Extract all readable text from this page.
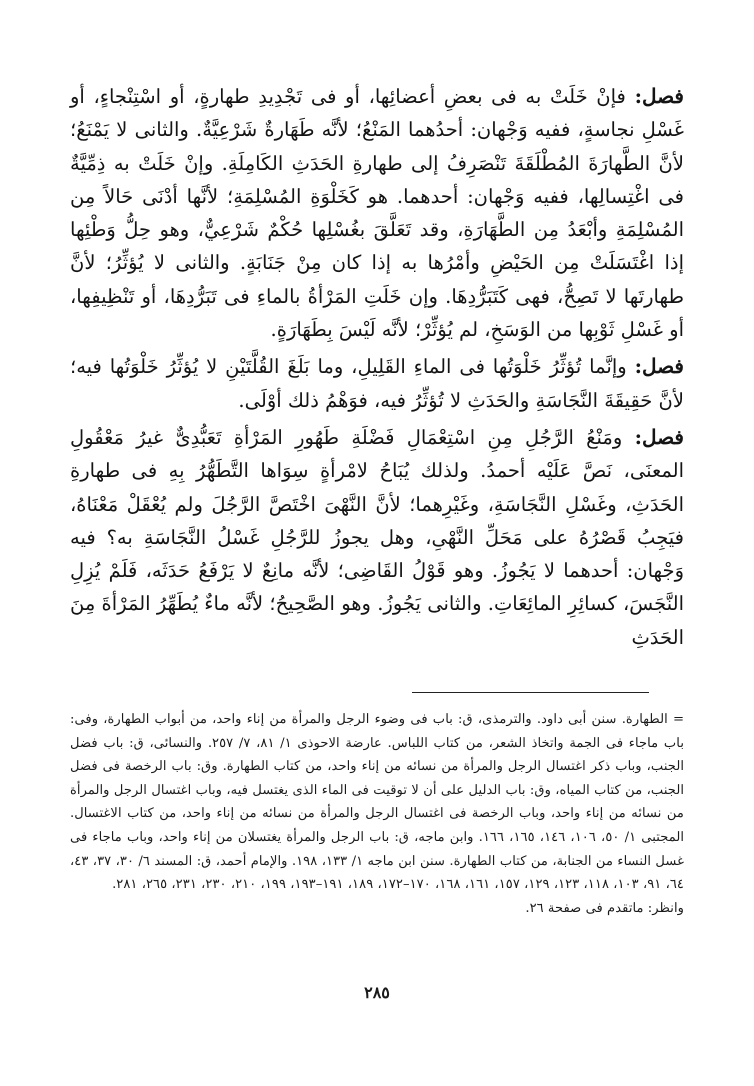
فصل: فإنْ خَلَتْ به فى بعضِ أعضائِها، أو فى تَجْدِيدِ طهارةٍ، أو اسْتِنْجاءٍ، أو غَسْلِ نجاسةٍ، ففيه وَجْهان: أحدُهما المَنْعُ؛ لأنَّه طَهَارةٌ شَرْعِيَّةٌ. والثانى لا يَمْنَعُ؛ لأنَّ الطَّهارَةَ المُطْلَقَةَ تَنْصَرِفُ إلى طهارةِ الحَدَثِ الكَامِلَةِ. وإنْ خَلَتْ به ذِمِّيَّةٌ فى اغْتِسالِها، ففيه وَجْهان: أحدهما. هو كَخَلْوَةِ المُسْلِمَةِ؛ لأنَّها أدْنَى حَالاً مِن المُسْلِمَةِ وأبْعَدُ مِن الطَّهَارَةِ، وقد تَعَلَّقَ بغُسْلِها حُكْمٌ شَرْعِيٌّ، وهو حِلُّ وَطْئِها إذا اغْتَسَلَتْ مِن الحَيْضِ وأمْرُها به إذا كان مِنْ جَنَابَةٍ. والثانى لا يُؤثِّرُ؛ لأنَّ طهارتَها لا تَصِحُّ، فهى كَتَبَرُّدِهَا. وإن خَلَتِ المَرْأةُ بالماءِ فى تَبَرُّدِهَا، أو تَنْظِيفِها، أو غَسْلِ ثَوْبِها من الوَسَخِ، لم يُؤثِّرْ؛ لأنَّه لَيْسَ بِطَهَارَةٍ.

فصل: وإنَّما تُؤثِّرُ خَلْوَتُها فى الماءِ القَلِيلِ، وما بَلَغَ القُلَّتَيْنِ لا يُؤثِّرُ خَلْوَتُها فيه؛ لأنَّ حَقِيقَةَ النَّجَاسَةِ والحَدَثِ لا تُؤثِّرُ فيه، فوَهْمُ ذلك أوْلَى.

فصل: ومَنْعُ الرَّجُلِ مِنِ اسْتِعْمَالِ فَضْلَةِ طَهُورِ المَرْأةِ تَعَبُّدِىٌّ غيرُ مَعْقُولِ المعنَى، نَصَّ عَلَيْه أحمدُ. ولذلك يُبَاحُ لامْرأةٍ سِوَاها التَّطَهُّرُ بِهِ فى طهارةِ الحَدَثِ، وغَسْلِ النَّجَاسَةِ، وغَيْرِهما؛ لأنَّ النَّهْىَ اخْتَصَّ الرَّجُلَ ولم يُعْقَلْ مَعْنَاهُ، فيَجِبُ قَصْرُهُ على مَحَلِّ النَّهْىِ، وهل يجوزُ للرَّجُلِ غَسْلُ النَّجَاسَةِ به؟ فيه وَجْهان: أحدهما لا يَجُوزُ. وهو قَوْلُ القَاضِى؛ لأنَّه مانِعٌ لا يَرْفَعُ حَدَثَه، فَلَمْ يُزِلِ النَّجَسَ، كسائِرِ المائِعَاتِ. والثانى يَجُوزُ. وهو الصَّحِيحُ؛ لأنَّه ماءٌ يُطَهِّرُ المَرْأةَ مِنَ الحَدَثِ

= الطهارة. سنن أبى داود. والترمذى، ق: باب فى وضوء الرجل والمرأة من إناء واحد، من أبواب الطهارة، وفى: باب ماجاء فى الجمة واتخاذ الشعر، من كتاب اللباس. عارضة الاحوذى ١/ ٨١، ٧/ ٢٥٧. والنسائى، ق: باب فضل الجنب، وباب ذكر اغتسال الرجل والمرأة من نسائه من إناء واحد، من كتاب الطهارة. وق: باب الرخصة فى فضل الجنب، من كتاب المياه، وق: باب الدليل على أن لا توقيت فى الماء الذى يغتسل فيه، وباب اغتسال الرجل والمرأة من نسائه من إناء واحد، وباب الرخصة فى اغتسال الرجل والمرأة من نسائه من إناء واحد، من كتاب الاغتسال. المجتبى ١/ ٥٠، ١٠٦، ١٤٦، ١٦٥، ١٦٦. وابن ماجه، ق: باب الرجل والمرأة يغتسلان من إناء واحد، وباب ماجاء فى غسل النساء من الجنابة، من كتاب الطهارة. سنن ابن ماجه ١/ ١٣٣، ١٩٨. والإمام أحمد، ق: المسند ٦/ ٣٠، ٣٧، ٤٣، ٦٤، ٩١، ١٠٣، ١١٨، ١٢٣، ١٢٩، ١٥٧، ١٦١، ١٦٨، ١٧٠–١٧٢، ١٨٩، ١٩١–١٩٣، ١٩٩، ٢١٠، ٢٣٠، ٢٣١، ٢٦٥، ٢٨١.

وانظر: ماتقدم فى صفحة ٢٦.

٢٨٥
